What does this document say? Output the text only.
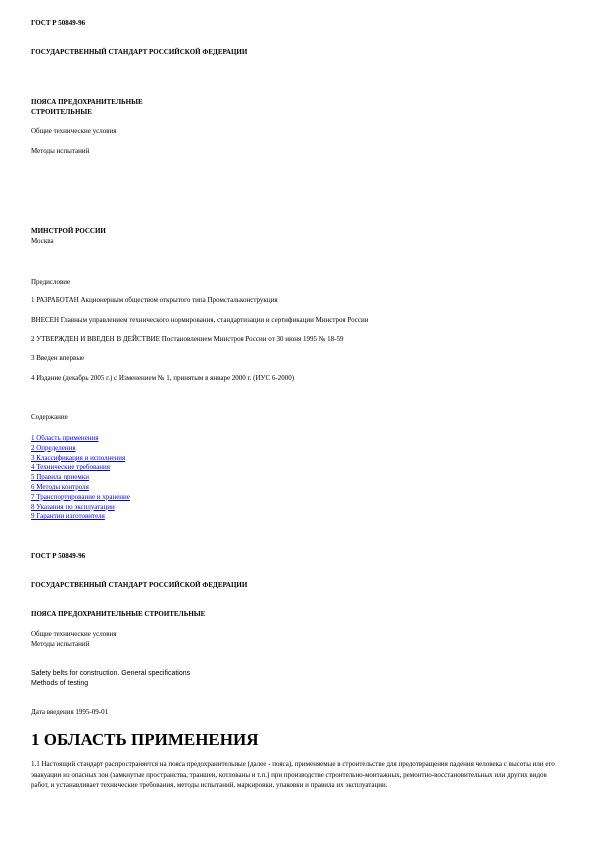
ГОСТ Р 50849-96
ГОСУДАРСТВЕННЫЙ СТАНДАРТ РОССИЙСКОЙ ФЕДЕРАЦИИ
ПОЯСА ПРЕДОХРАНИТЕЛЬНЫЕ
СТРОИТЕЛЬНЫЕ
Общие технические условия
Методы испытаний
МИНСТРОЙ РОССИИ
Москва
Предисловие
1 РАЗРАБОТАН Акционерным обществом открытого типа Промстальконструкция
ВНЕСЕН Главным управлением технического нормирования, стандартизации и сертификации Минстроя России
2 УТВЕРЖДЕН И ВВЕДЕН В ДЕЙСТВИЕ Постановлением Минстроя России от 30 июня 1995 № 18-59
3 Введен впервые
4 Издание (декабрь 2005 г.) с Изменением № 1, принятым в январе 2000 г. (ИУС 6-2000)
Содержание
1 Область применения
2 Определения
3 Классификация и исполнения
4 Технические требования
5 Правила приемки
6 Методы контроля
7 Транспортирование и хранение
8 Указания по эксплуатации
9 Гарантии изготовителя
ГОСТ Р 50849-96
ГОСУДАРСТВЕННЫЙ СТАНДАРТ РОССИЙСКОЙ ФЕДЕРАЦИИ
ПОЯСА ПРЕДОХРАНИТЕЛЬНЫЕ СТРОИТЕЛЬНЫЕ
Общие технические условия
Методы испытаний
Safety belts for construction. General specifications
Methods of testing
Дата введения 1995-09-01
1 ОБЛАСТЬ ПРИМЕНЕНИЯ
1.1 Настоящий стандарт распространяется на пояса предохранительные (далее - пояса), применяемые в строительстве для предотвращения падения человека с высоты или его эвакуации из опасных зон (замкнутые пространства, траншеи, котлованы и т.п.) при производстве строительно-монтажных, ремонтно-восстановительных или других видов работ, и устанавливает технические требования, методы испытаний, маркировки, упаковки и правила их эксплуатации.
